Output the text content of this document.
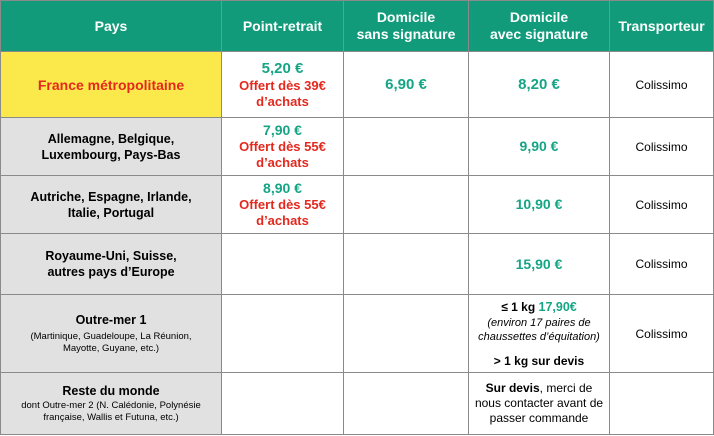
Pays	Point-retrait	Domicile
sans signature	Domicile
avec signature	Transporteur
France métropolitaine	5,20 €
Offert dès 39€
d’achats	6,90 €	8,20 €	Colissimo
Allemagne, Belgique,
Luxembourg, Pays-Bas	7,90 €
Offert dès 55€
d’achats		9,90 €	Colissimo
Autriche, Espagne, Irlande,
Italie, Portugal	8,90 €
Offert dès 55€
d’achats		10,90 €	Colissimo
Royaume-Uni, Suisse,
autres pays d’Europe			15,90 €	Colissimo
Outre-mer 1
(Martinique, Guadeloupe, La Réunion,
Mayotte, Guyane, etc.)			≤ 1 kg 17,90€
(environ 17 paires de
chaussettes d’équitation)
> 1 kg sur devis	Colissimo
Reste du monde
dont Outre-mer 2 (N. Calédonie, Polynésie
française, Wallis et Futuna, etc.)			Sur devis, merci de
nous contacter avant de
passer commande	
